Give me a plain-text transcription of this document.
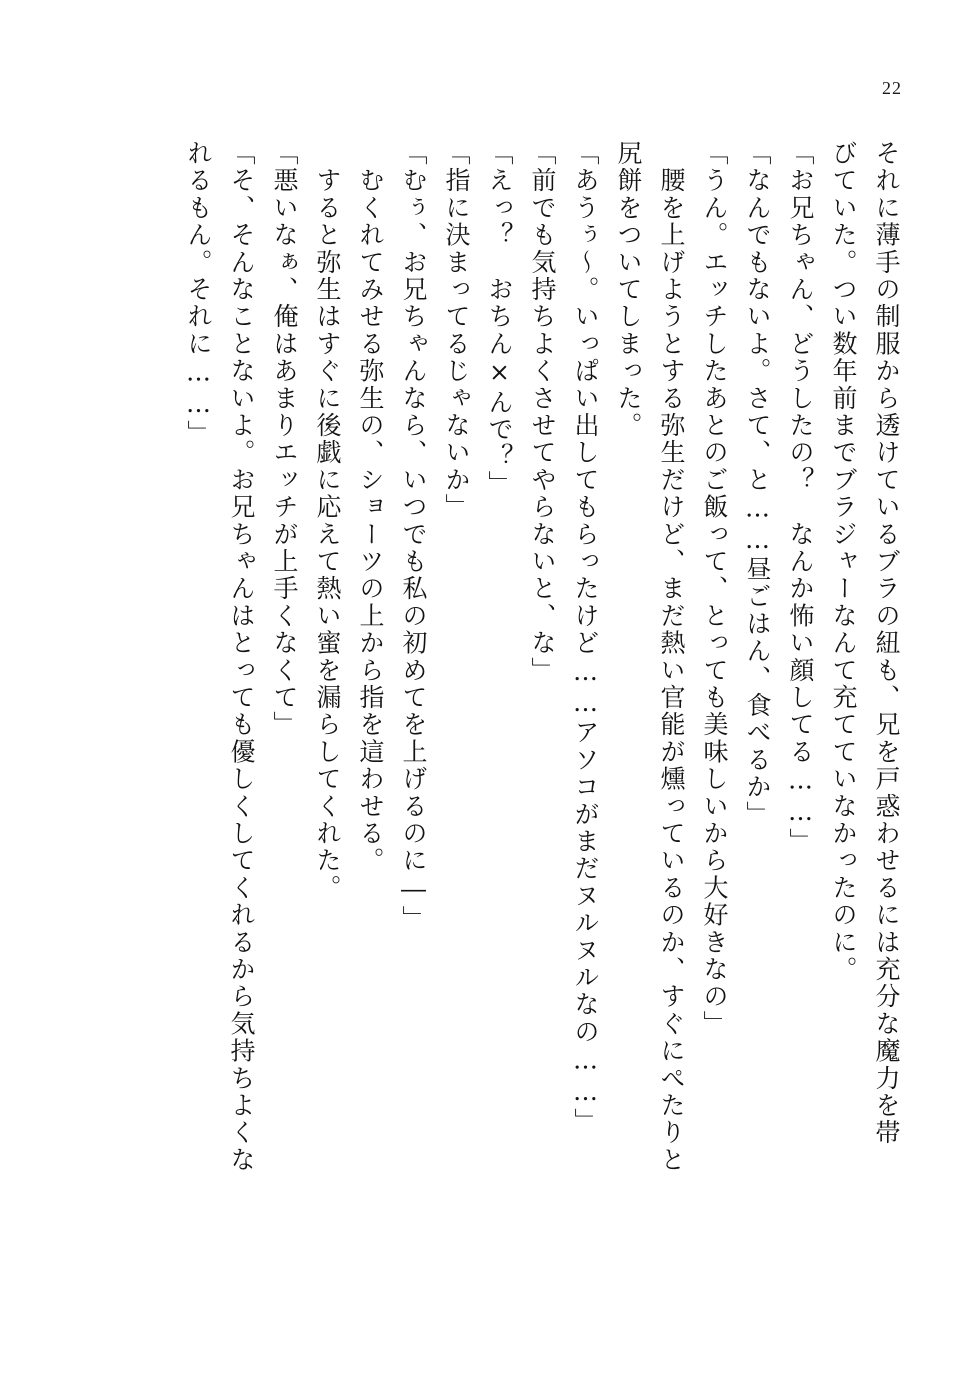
22
それに薄手の制服から透けているブラの紐も、兄を戸惑わせるには充分な魔力を帯
びていた。つい数年前までブラジャーなんて充てていなかったのに。
「お兄ちゃん、どうしたの？　なんか怖い顔してる……」
「なんでもないよ。さて、と……昼ごはん、食べるか」
「うん。エッチしたあとのご飯って、とっても美味しいから大好きなの」
　腰を上げようとする弥生だけど、まだ熱い官能が燻っているのか、すぐにぺたりと
尻餅をついてしまった。
「あうぅ〜。いっぱい出してもらったけど……アソコがまだヌルヌルなの……」
「前でも気持ちよくさせてやらないと、な」
「えっ？　おちん×んで？」
「指に決まってるじゃないか」
「むぅ、お兄ちゃんなら、いつでも私の初めてを上げるのに―」
　むくれてみせる弥生の、ショーツの上から指を這わせる。
　すると弥生はすぐに後戯に応えて熱い蜜を漏らしてくれた。
「悪いなぁ、俺はあまりエッチが上手くなくて」
「そ、そんなことないよ。お兄ちゃんはとっても優しくしてくれるから気持ちよくな
れるもん。それに……」
